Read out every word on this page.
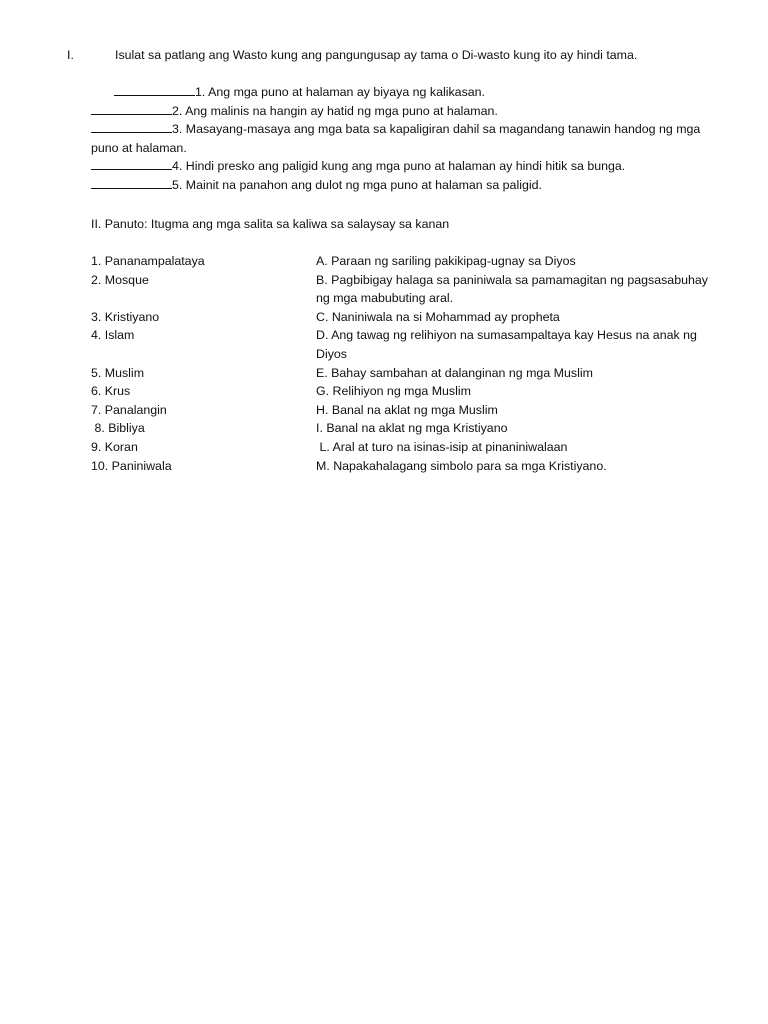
I.	Isulat sa patlang ang Wasto kung ang pangungusap ay tama o Di-wasto kung ito ay hindi tama.

1. Ang mga puno at halaman ay biyaya ng kalikasan.

2. Ang malinis na hangin ay hatid ng mga puno at halaman.

3. Masayang-masaya ang mga bata sa kapaligiran dahil sa magandang tanawin handog ng mga puno at halaman.

4. Hindi presko ang paligid kung ang mga puno at halaman ay hindi hitik sa bunga.

5. Mainit na panahon ang dulot ng mga puno at halaman sa paligid.

II. Panuto: Itugma ang mga salita sa kaliwa sa salaysay sa kanan
1. Pananampalataya	A. Paraan ng sariling pakikipag-ugnay sa Diyos
2. Mosque	B. Pagbibigay halaga sa paniniwala sa pamamagitan ng pagsasabuhay ng mga mabubuting aral.
3. Kristiyano	C. Naniniwala na si Mohammad ay propheta
4. Islam	D. Ang tawag ng relihiyon na sumasampaltaya kay Hesus na anak ng Diyos
5. Muslim	E. Bahay sambahan at dalanginan ng mga Muslim
6. Krus	G. Relihiyon ng mga Muslim
7. Panalangin	H. Banal na aklat ng mga Muslim
8. Bibliya	I. Banal na aklat ng mga Kristiyano
9. Koran	L. Aral at turo na isinas-isip at pinaniniwalaan
10. Paniniwala	M. Napakahalagang simbolo para sa mga Kristiyano.
